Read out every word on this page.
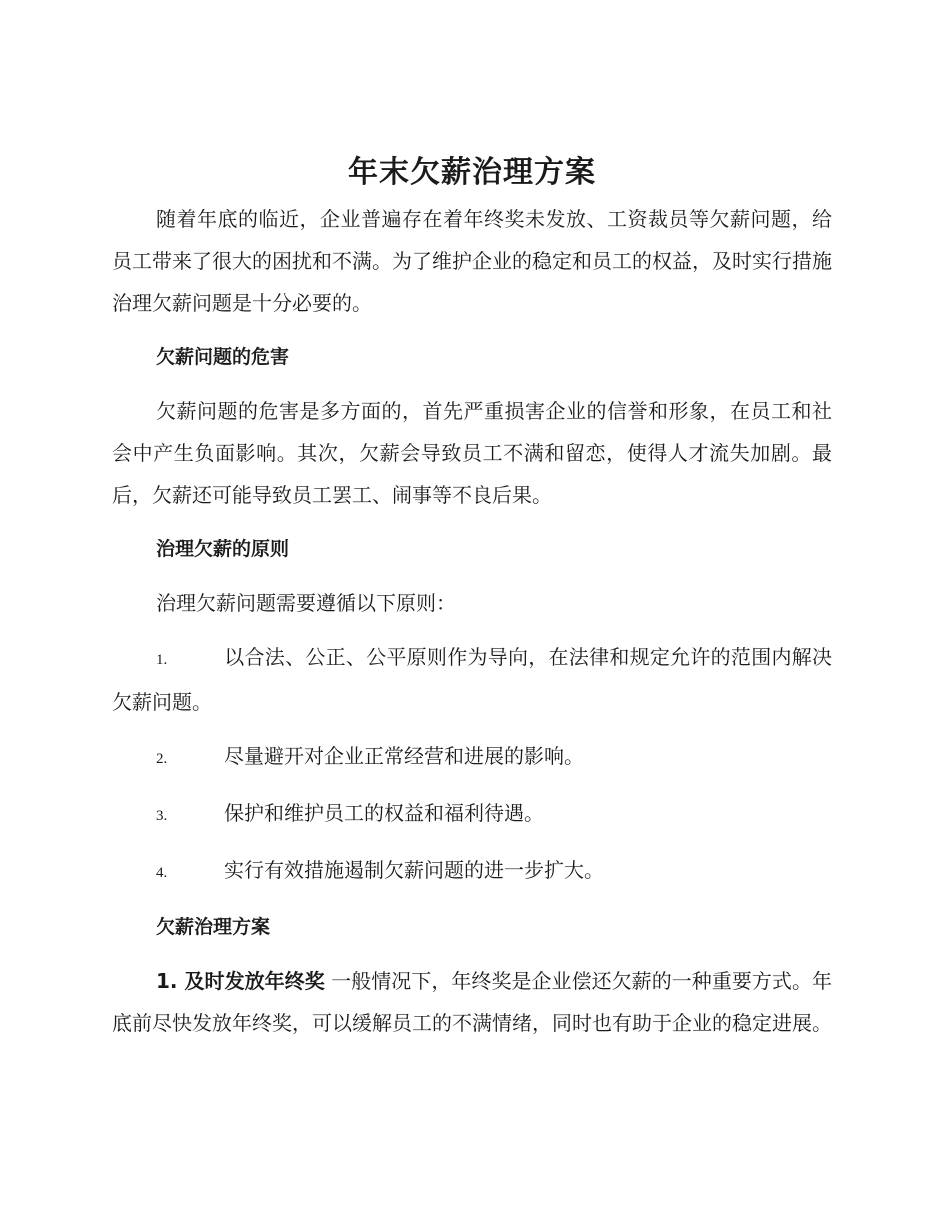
年末欠薪治理方案

随着年底的临近，企业普遍存在着年终奖未发放、工资裁员等欠薪问题，给员工带来了很大的困扰和不满。为了维护企业的稳定和员工的权益，及时实行措施治理欠薪问题是十分必要的。

欠薪问题的危害

欠薪问题的危害是多方面的，首先严重损害企业的信誉和形象，在员工和社会中产生负面影响。其次，欠薪会导致员工不满和留恋，使得人才流失加剧。最后，欠薪还可能导致员工罢工、闹事等不良后果。

治理欠薪的原则

治理欠薪问题需要遵循以下原则：

1.	以合法、公正、公平原则作为导向，在法律和规定允许的范围内解决欠薪问题。

2.	尽量避开对企业正常经营和进展的影响。

3.	保护和维护员工的权益和福利待遇。

4.	实行有效措施遏制欠薪问题的进一步扩大。

欠薪治理方案

1. 及时发放年终奖 一般情况下，年终奖是企业偿还欠薪的一种重要方式。年底前尽快发放年终奖，可以缓解员工的不满情绪，同时也有助于企业的稳定进展。
